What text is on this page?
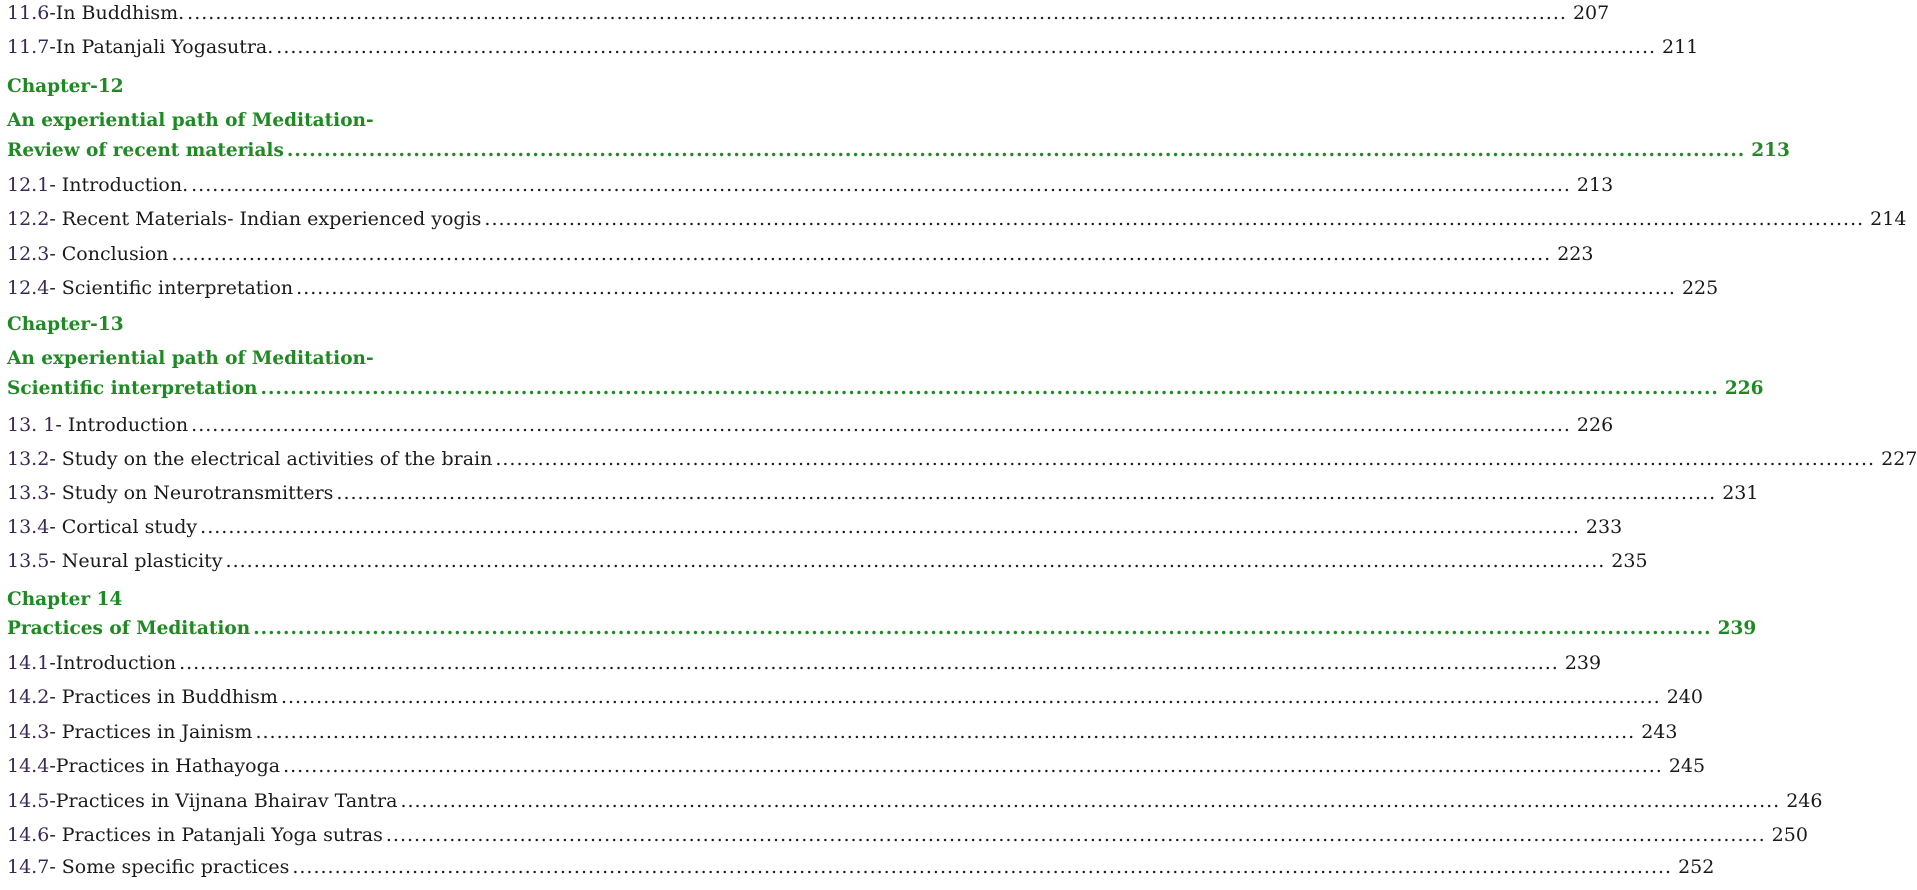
11.6-In Buddhism. .................................................................................................................................................................................................... 207
11.7-In Patanjali Yogasutra. .................................................................................................................................................................................................... 211
Chapter-12
An experiential path of Meditation-
Review of recent materials .................................................................................................................................................................................................... 213
12.1- Introduction. .................................................................................................................................................................................................... 213
12.2- Recent Materials- Indian experienced yogis .................................................................................................................................................................................................... 214
12.3- Conclusion .................................................................................................................................................................................................... 223
12.4- Scientific interpretation .................................................................................................................................................................................................... 225
Chapter-13
An experiential path of Meditation-
Scientific interpretation .................................................................................................................................................................................................... 226
13. 1- Introduction .................................................................................................................................................................................................... 226
13.2- Study on the electrical activities of the brain .................................................................................................................................................................................................... 227
13.3- Study on Neurotransmitters .................................................................................................................................................................................................... 231
13.4- Cortical study .................................................................................................................................................................................................... 233
13.5- Neural plasticity .................................................................................................................................................................................................... 235
Chapter 14
Practices of Meditation .................................................................................................................................................................................................... 239
14.1-Introduction .................................................................................................................................................................................................... 239
14.2- Practices in Buddhism .................................................................................................................................................................................................... 240
14.3- Practices in Jainism .................................................................................................................................................................................................... 243
14.4-Practices in Hathayoga .................................................................................................................................................................................................... 245
14.5-Practices in Vijnana Bhairav Tantra .................................................................................................................................................................................................... 246
14.6- Practices in Patanjali Yoga sutras .................................................................................................................................................................................................... 250
14.7- Some specific practices .................................................................................................................................................................................................... 252
